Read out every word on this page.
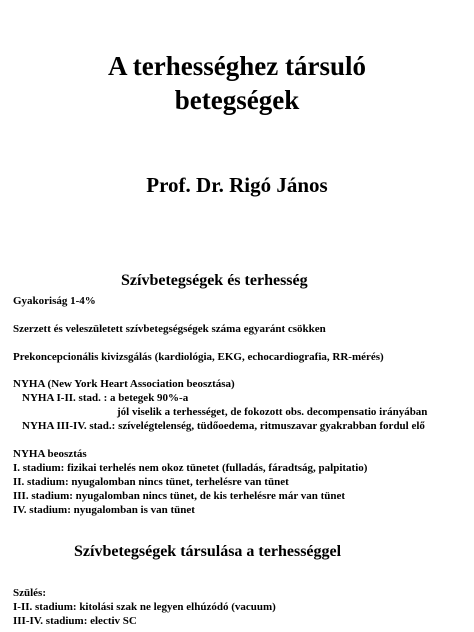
A terhességhez társuló
betegségek
Prof. Dr. Rigó János
Szívbetegségek és terhesség
Gyakoriság 1-4%
Szerzett és veleszületett szívbetegségségek száma egyaránt csökken
Prekoncepcionális kivizsgálás (kardiológia, EKG, echocardiografia, RR-mérés)
NYHA (New York Heart Association beosztása)
NYHA I-II. stad. : a betegek 90%-a
jól viselik a terhességet, de fokozott obs. decompensatio irányában
NYHA III-IV. stad.: szívelégtelenség, tüdőoedema, ritmuszavar gyakrabban fordul elő
NYHA beosztás
I. stadium: fizikai terhelés nem okoz tünetet (fulladás, fáradtság, palpitatio)
II. stadium: nyugalomban nincs tünet, terhelésre van tünet
III. stadium: nyugalomban nincs tünet, de kis terhelésre már van tünet
IV. stadium: nyugalomban is van tünet
Szívbetegségek társulása a terhességgel
Szülés:
I-II. stadium: kitolási szak ne legyen elhúzódó (vacuum)
III-IV. stadium: electiv SC
